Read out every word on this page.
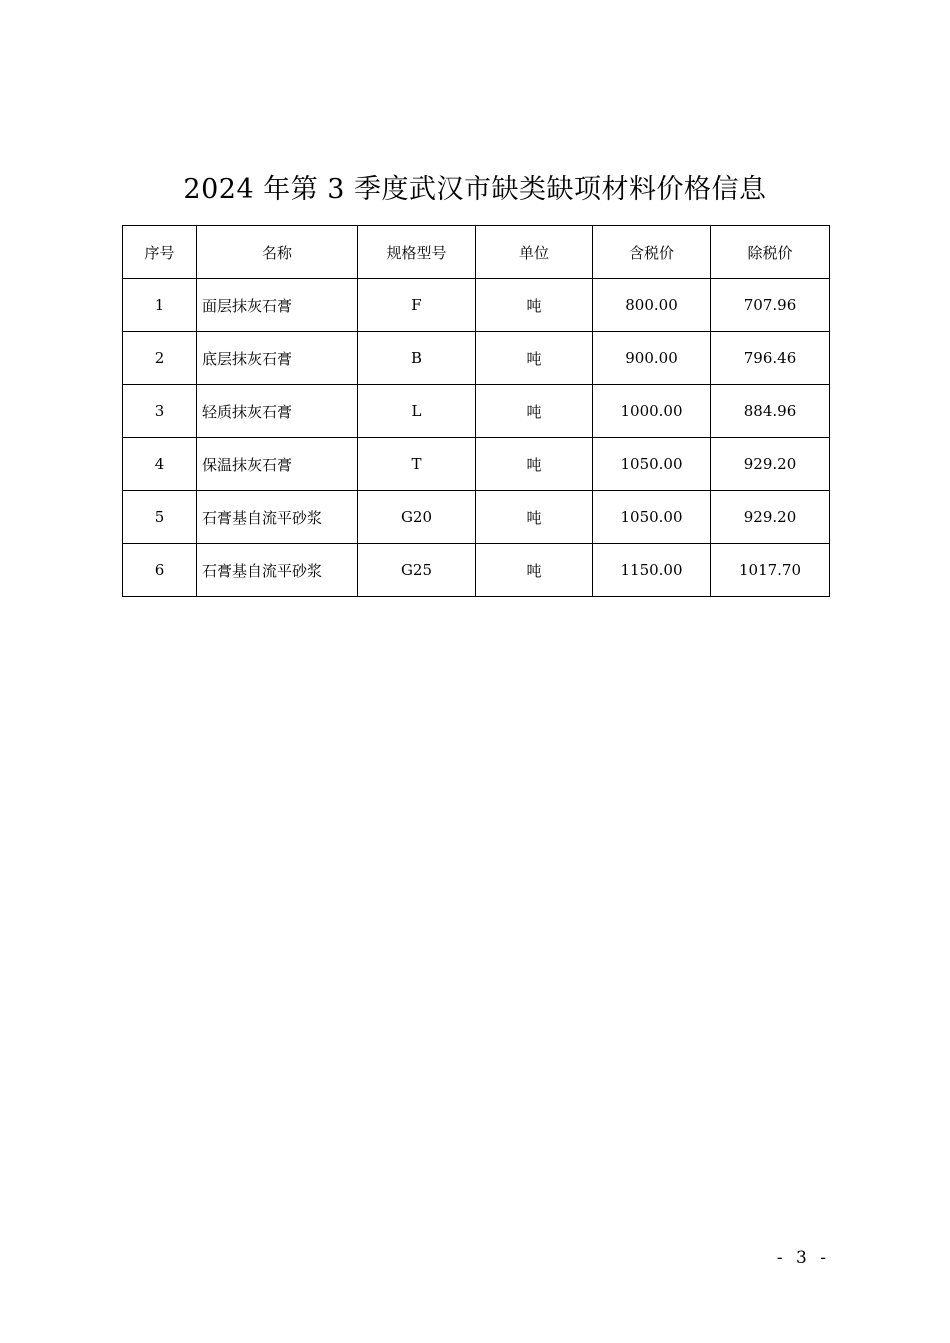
2024 年第 3 季度武汉市缺类缺项材料价格信息
序号	名称	规格型号	单位	含税价	除税价
1	面层抹灰石膏	F	吨	800.00	707.96
2	底层抹灰石膏	B	吨	900.00	796.46
3	轻质抹灰石膏	L	吨	1000.00	884.96
4	保温抹灰石膏	T	吨	1050.00	929.20
5	石膏基自流平砂浆	G20	吨	1050.00	929.20
6	石膏基自流平砂浆	G25	吨	1150.00	1017.70
- 3 -
